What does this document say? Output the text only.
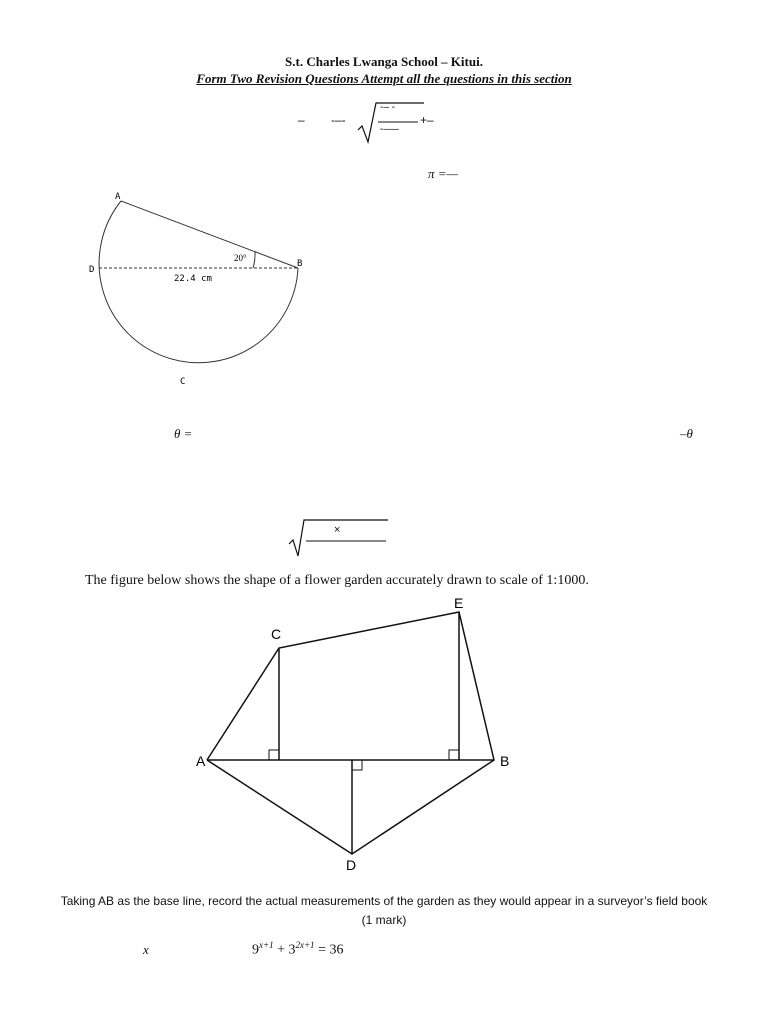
S.t. Charles Lwanga School – Kitui.
Form Two Revision Questions Attempt all the questions in this section
– -–-
-– -
-–—
+–
π =—
A
B
D
C
20°
22.4 cm
θ =	–θ
×
The figure below shows the shape of a flower garden accurately drawn to scale of 1:1000.
A	B
C
D
E
Taking AB as the base line, record the actual measurements of the garden as they would appear in a surveyor’s field book
(1 mark)
x	$9^{x+1} + 3^{2x+1} = 36$
